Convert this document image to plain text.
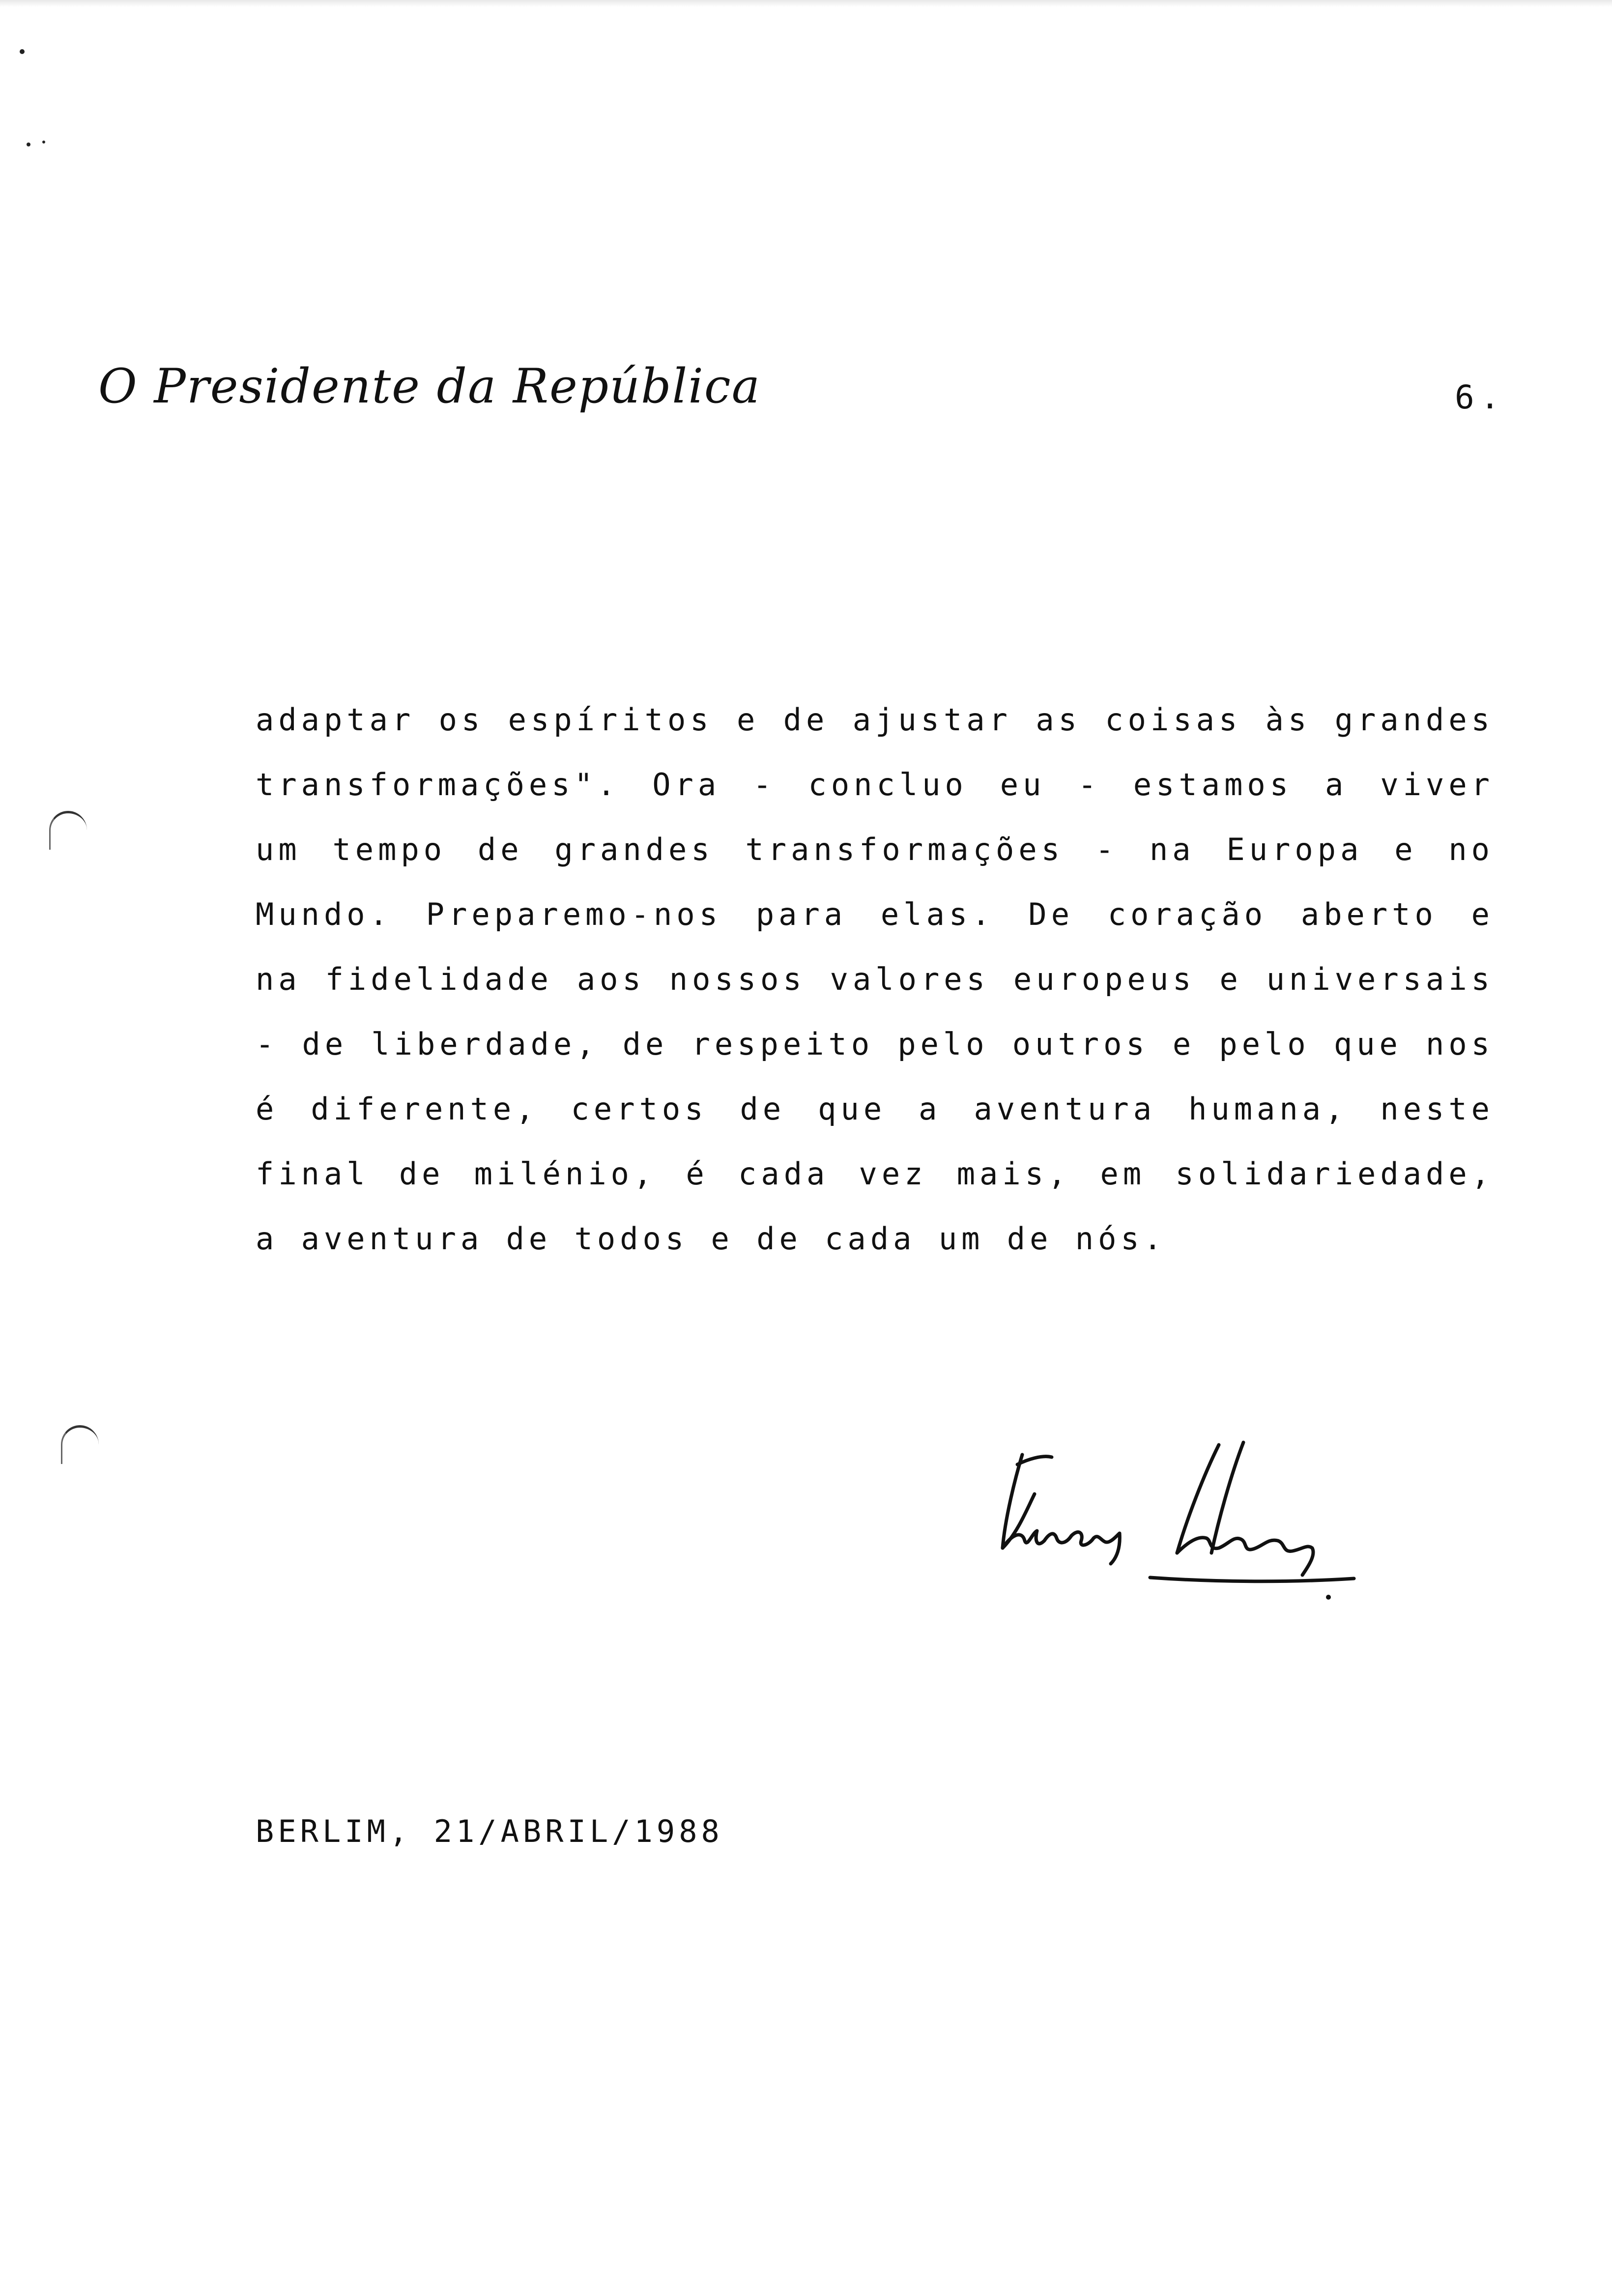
O Presidente da República	6.
adaptar os espíritos e de ajustar as coisas às grandes
transformações". Ora - concluo eu - estamos a viver
um tempo de grandes transformações - na Europa e no
Mundo. Preparemo-nos para elas. De coração aberto e
na fidelidade aos nossos valores europeus e universais
- de liberdade, de respeito pelo outros e pelo que nos
é diferente, certos de que a aventura humana, neste
final de milénio, é cada vez mais, em solidariedade,
a aventura de todos e de cada um de nós.
BERLIM, 21/ABRIL/1988
